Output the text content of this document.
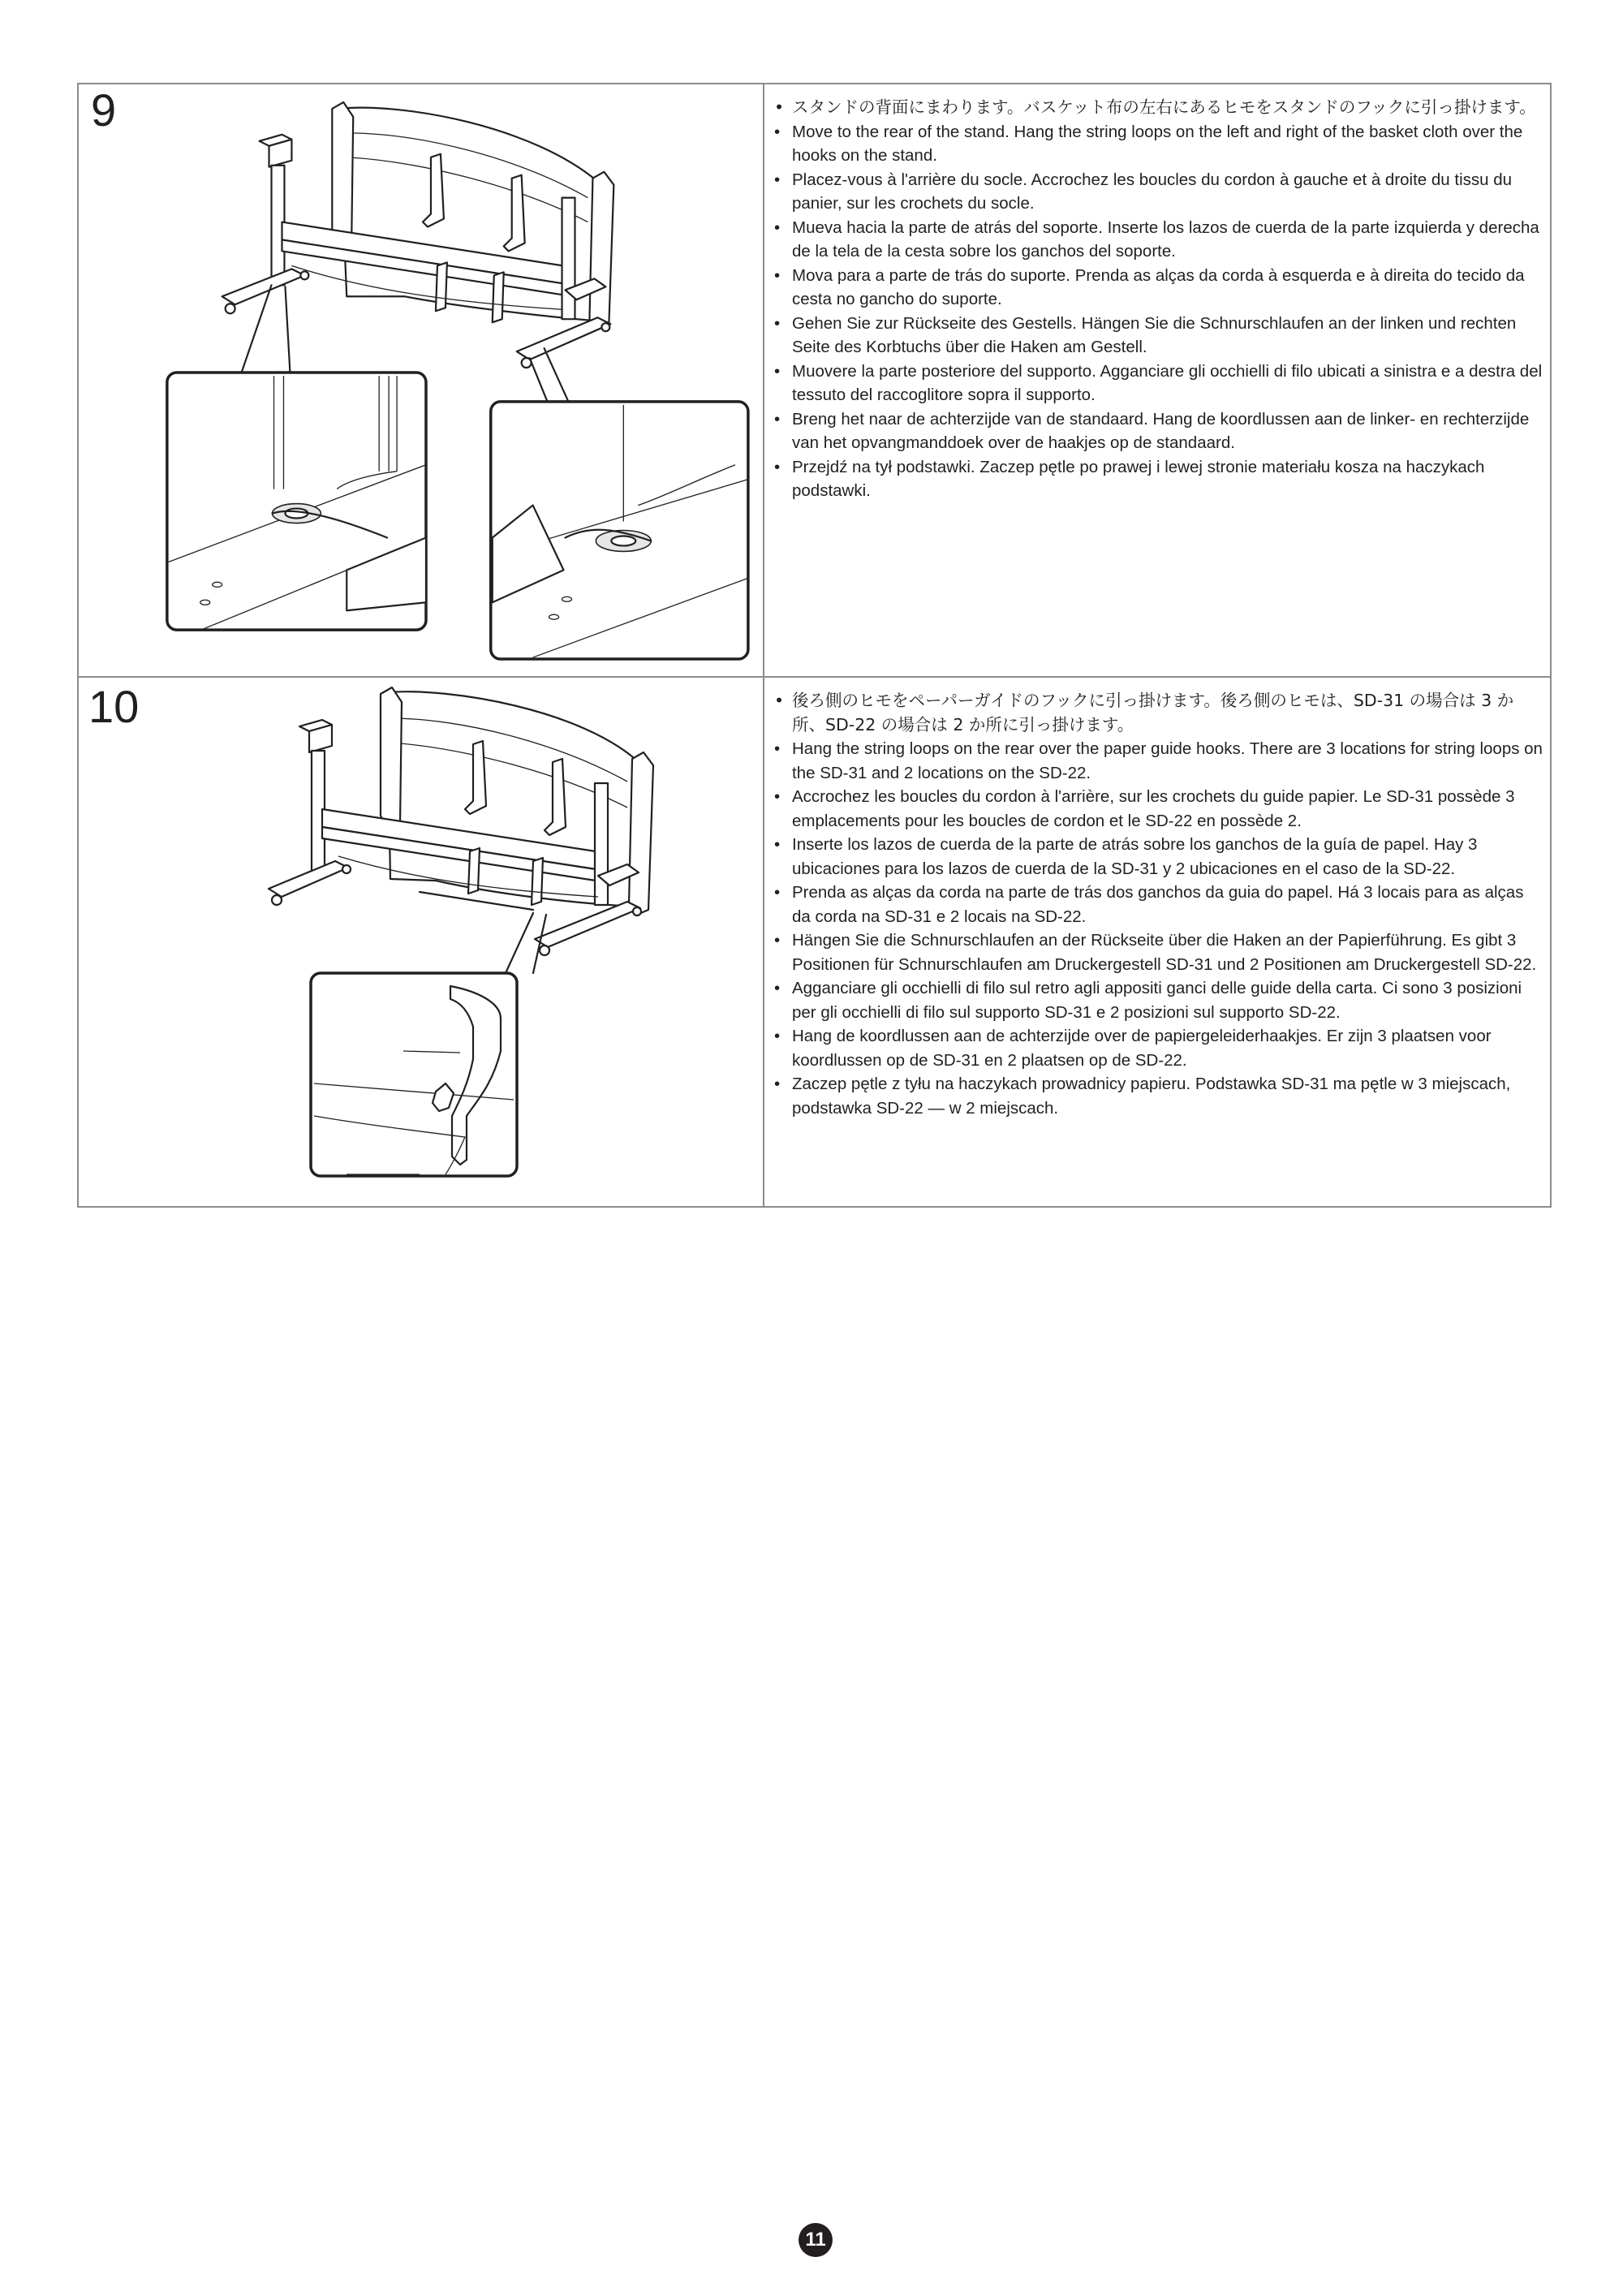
9	• スタンドの背面にまわります。バスケット布の左右にあるヒモをスタンドのフックに引っ掛けます。
• Move to the rear of the stand. Hang the string loops on the left and right of the basket cloth over the hooks on the stand.
• Placez-vous à l'arrière du socle. Accrochez les boucles du cordon à gauche et à droite du tissu du panier, sur les crochets du socle.
• Mueva hacia la parte de atrás del soporte. Inserte los lazos de cuerda de la parte izquierda y derecha de la tela de la cesta sobre los ganchos del soporte.
• Mova para a parte de trás do suporte. Prenda as alças da corda à esquerda e à direita do tecido da cesta no gancho do suporte.
• Gehen Sie zur Rückseite des Gestells. Hängen Sie die Schnurschlaufen an der linken und rechten Seite des Korbtuchs über die Haken am Gestell.
• Muovere la parte posteriore del supporto. Agganciare gli occhielli di filo ubicati a sinistra e a destra del tessuto del raccoglitore sopra il supporto.
• Breng het naar de achterzijde van de standaard. Hang de koordlussen aan de linker- en rechterzijde van het opvangmanddoek over de haakjes op de standaard.
• Przejdź na tył podstawki. Zaczep pętle po prawej i lewej stronie materiału kosza na haczykach podstawki.
10	• 後ろ側のヒモをペーパーガイドのフックに引っ掛けます。後ろ側のヒモは、SD-31 の場合は 3 か所、SD-22 の場合は 2 か所に引っ掛けます。
• Hang the string loops on the rear over the paper guide hooks. There are 3 locations for string loops on the SD-31 and 2 locations on the SD-22.
• Accrochez les boucles du cordon à l'arrière, sur les crochets du guide papier. Le SD-31 possède 3 emplacements pour les boucles de cordon et le SD-22 en possède 2.
• Inserte los lazos de cuerda de la parte de atrás sobre los ganchos de la guía de papel. Hay 3 ubicaciones para los lazos de cuerda de la SD-31 y 2 ubicaciones en el caso de la SD-22.
• Prenda as alças da corda na parte de trás dos ganchos da guia do papel. Há 3 locais para as alças da corda na SD-31 e 2 locais na SD-22.
• Hängen Sie die Schnurschlaufen an der Rückseite über die Haken an der Papierführung. Es gibt 3 Positionen für Schnurschlaufen am Druckergestell SD-31 und 2 Positionen am Druckergestell SD-22.
• Agganciare gli occhielli di filo sul retro agli appositi ganci delle guide della carta. Ci sono 3 posizioni per gli occhielli di filo sul supporto SD-31 e 2 posizioni sul supporto SD-22.
• Hang de koordlussen aan de achterzijde over de papiergeleiderhaakjes. Er zijn 3 plaatsen voor koordlussen op de SD-31 en 2 plaatsen op de SD-22.
• Zaczep pętle z tyłu na haczykach prowadnicy papieru. Podstawka SD-31 ma pętle w 3 miejscach, podstawka SD-22 — w 2 miejscach.
11
